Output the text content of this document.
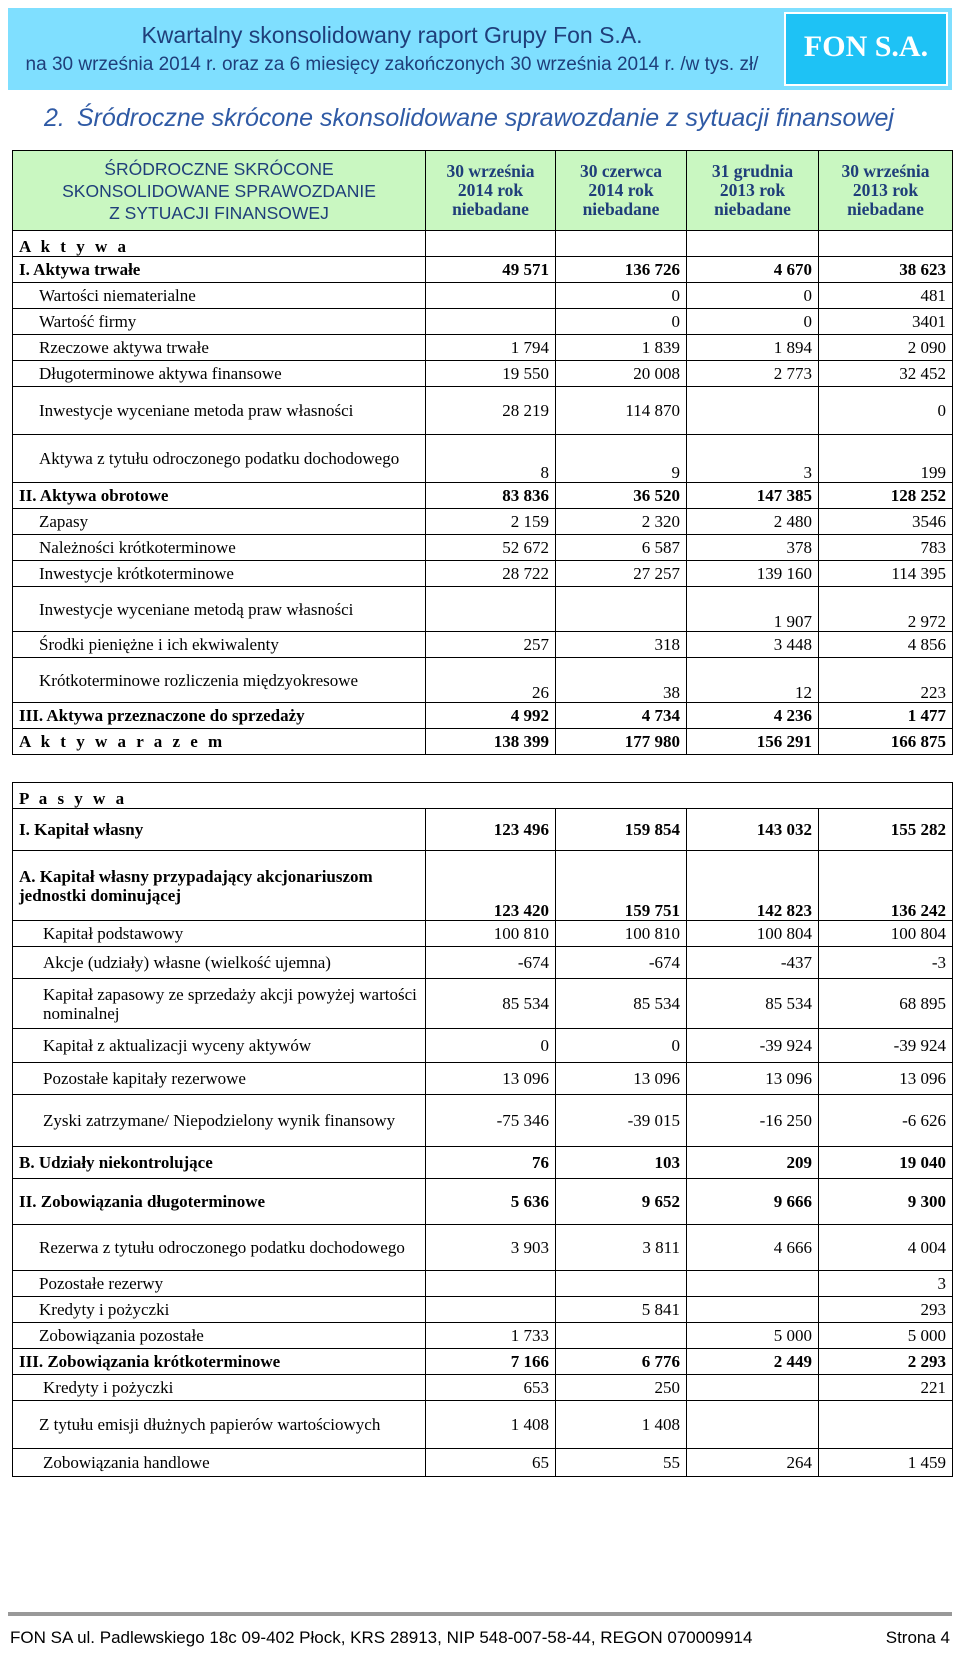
Kwartalny skonsolidowany raport Grupy Fon S.A.
na 30 września 2014 r. oraz za 6 miesięcy zakończonych 30 września 2014 r. /w tys. zł/
FON S.A.
2. Śródroczne skrócone skonsolidowane sprawozdanie z sytuacji finansowej
ŚRÓDROCZNE SKRÓCONE
SKONSOLIDOWANE SPRAWOZDANIE
Z SYTUACJI FINANSOWEJ	30 września
2014 rok
niebadane	30 czerwca
2014 rok
niebadane	31 grudnia
2013 rok
niebadane	30 września
2013 rok
niebadane

A k t y w a				
I. Aktywa trwałe	49 571	136 726	4 670	38 623
Wartości niematerialne		0	0	481
Wartość firmy		0	0	3401
Rzeczowe aktywa trwałe	1 794	1 839	1 894	2 090
Długoterminowe aktywa finansowe	19 550	20 008	2 773	32 452
Inwestycje wyceniane metoda praw własności	28 219	114 870		0
Aktywa z tytułu odroczonego podatku dochodowego	8	9	3	199
II. Aktywa obrotowe	83 836	36 520	147 385	128 252
Zapasy	2 159	2 320	2 480	3546
Należności krótkoterminowe	52 672	6 587	378	783
Inwestycje krótkoterminowe	28 722	27 257	139 160	114 395
Inwestycje wyceniane metodą praw własności			1 907	2 972
Środki pieniężne i ich ekwiwalenty	257	318	3 448	4 856
Krótkoterminowe rozliczenia międzyokresowe	26	38	12	223
III. Aktywa przeznaczone do sprzedaży	4 992	4 734	4 236	1 477
A k t y w a r a z e m	138 399	177 980	156 291	166 875

P a s y w a				
I. Kapitał własny	123 496	159 854	143 032	155 282
A. Kapitał własny przypadający akcjonariuszom jednostki dominującej	123 420	159 751	142 823	136 242
Kapitał podstawowy	100 810	100 810	100 804	100 804
Akcje (udziały) własne (wielkość ujemna)	-674	-674	-437	-3
Kapitał zapasowy ze sprzedaży akcji powyżej wartości nominalnej	85 534	85 534	85 534	68 895
Kapitał z aktualizacji wyceny aktywów	0	0	-39 924	-39 924
Pozostałe kapitały rezerwowe	13 096	13 096	13 096	13 096
Zyski zatrzymane/ Niepodzielony wynik finansowy	-75 346	-39 015	-16 250	-6 626
B. Udziały niekontrolujące	76	103	209	19 040
II. Zobowiązania długoterminowe	5 636	9 652	9 666	9 300
Rezerwa z tytułu odroczonego podatku dochodowego	3 903	3 811	4 666	4 004
Pozostałe rezerwy				3
Kredyty i pożyczki		5 841		293
Zobowiązania pozostałe	1 733		5 000	5 000
III. Zobowiązania krótkoterminowe	7 166	6 776	2 449	2 293
Kredyty i pożyczki	653	250		221
Z tytułu emisji dłużnych papierów wartościowych	1 408	1 408		
Zobowiązania handlowe	65	55	264	1 459
FON SA ul. Padlewskiego 18c 09-402 Płock, KRS 28913, NIP 548-007-58-44, REGON 070009914	Strona 4
